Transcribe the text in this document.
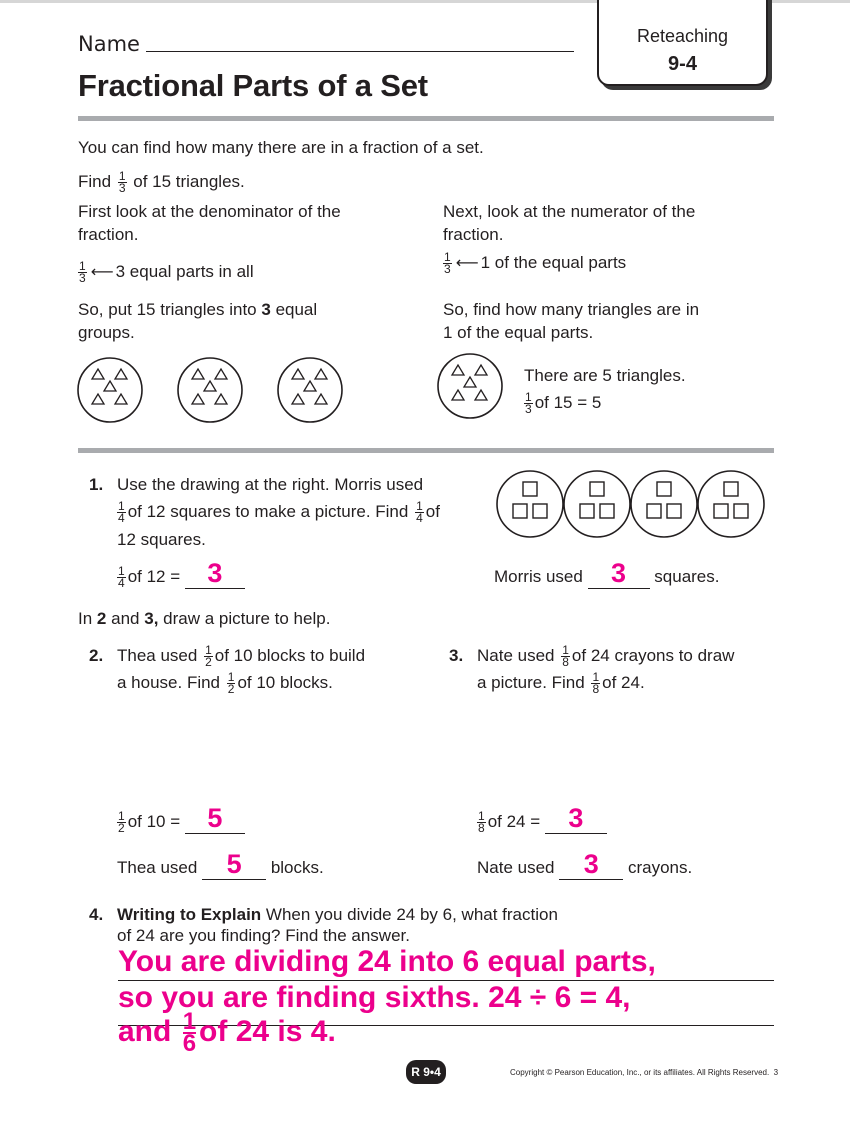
Name
Fractional Parts of a Set
Reteaching
9-4
You can find how many there are in a fraction of a set.
Find $\frac{1}{3}$ of 15 triangles.
First look at the denominator of the
fraction.
$\frac{1}{3}$ ⟵ 3 equal parts in all
So, put 15 triangles into 3 equal
groups.
Next, look at the numerator of the
fraction.
$\frac{1}{3}$ ⟵ 1 of the equal parts
So, find how many triangles are in
1 of the equal parts.
There are 5 triangles.
$\frac{1}{3}$ of 15 = 5
1. Use the drawing at the right. Morris used
$\frac{1}{4}$ of 12 squares to make a picture. Find $\frac{1}{4}$ of
12 squares.
$\frac{1}{4}$ of 12 = 3	Morris used 3 squares.
In 2 and 3, draw a picture to help.
2. Thea used $\frac{1}{2}$ of 10 blocks to build
a house. Find $\frac{1}{2}$ of 10 blocks.
$\frac{1}{2}$ of 10 = 5
Thea used 5 blocks.
3. Nate used $\frac{1}{8}$ of 24 crayons to draw
a picture. Find $\frac{1}{8}$ of 24.
$\frac{1}{8}$ of 24 = 3
Nate used 3 crayons.
4. Writing to Explain When you divide 24 by 6, what fraction
of 24 are you finding? Find the answer.
You are dividing 24 into 6 equal parts,
so you are finding sixths. 24 ÷ 6 = 4,
and $\frac{1}{6}$ of 24 is 4.
R 9•4	Copyright © Pearson Education, Inc., or its affiliates. All Rights Reserved. 3
